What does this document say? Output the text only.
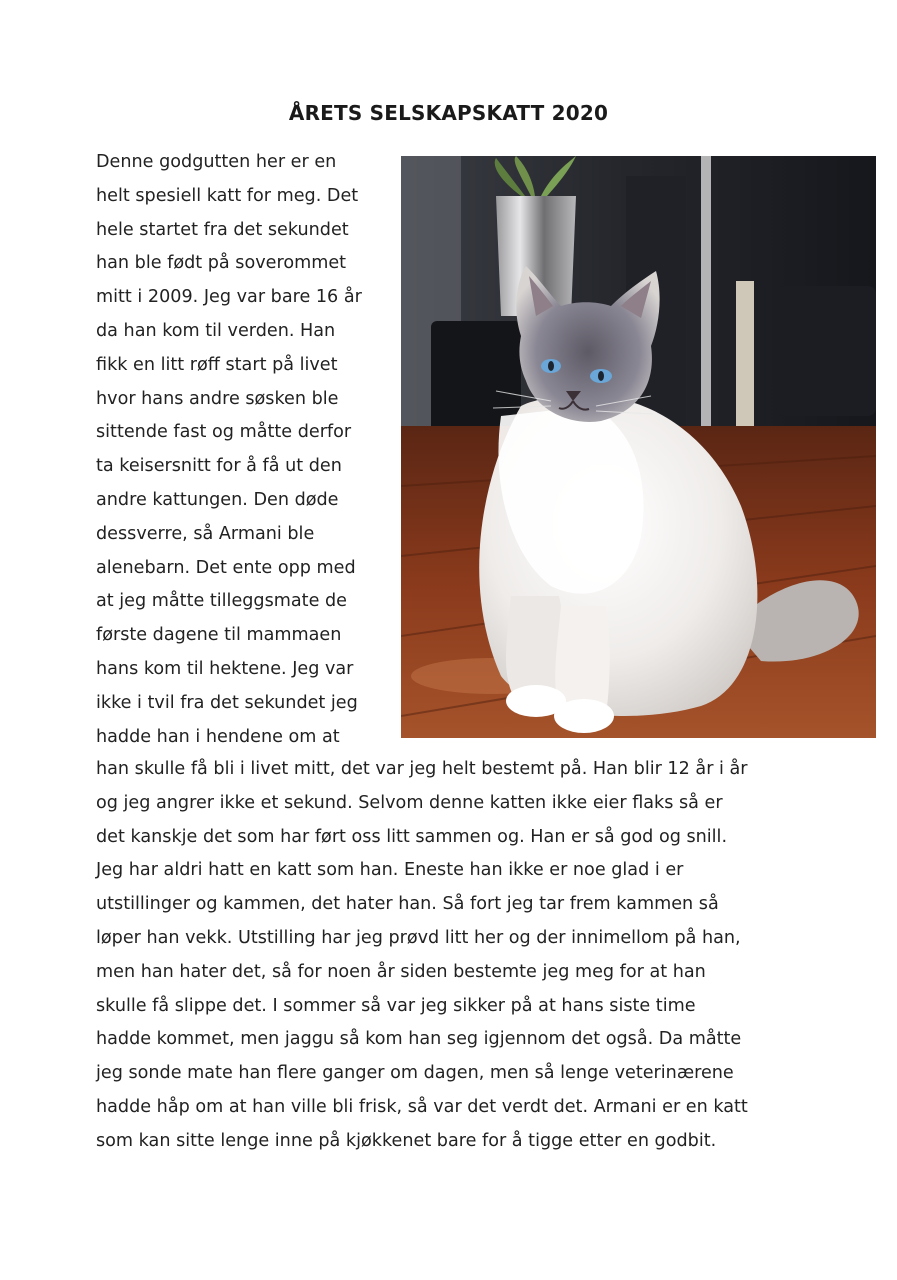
ÅRETS SELSKAPSKATT 2020
Denne godgutten her er en
helt spesiell katt for meg. Det
hele startet fra det sekundet
han ble født på soverommet
mitt i 2009. Jeg var bare 16 år
da han kom til verden. Han
fikk en litt røff start på livet
hvor hans andre søsken ble
sittende fast og måtte derfor
ta keisersnitt for å få ut den
andre kattungen. Den døde
dessverre, så Armani ble
alenebarn. Det ente opp med
at jeg måtte tilleggsmate de
første dagene til mammaen
hans kom til hektene. Jeg var
ikke i tvil fra det sekundet jeg
hadde han i hendene om at
han skulle få bli i livet mitt, det var jeg helt bestemt på. Han blir 12 år i år
og jeg angrer ikke et sekund. Selvom denne katten ikke eier flaks så er
det kanskje det som har ført oss litt sammen og. Han er så god og snill.
Jeg har aldri hatt en katt som han. Eneste han ikke er noe glad i er
utstillinger og kammen, det hater han. Så fort jeg tar frem kammen så
løper han vekk. Utstilling har jeg prøvd litt her og der innimellom på han,
men han hater det, så for noen år siden bestemte jeg meg for at han
skulle få slippe det. I sommer så var jeg sikker på at hans siste time
hadde kommet, men jaggu så kom han seg igjennom det også. Da måtte
jeg sonde mate han flere ganger om dagen, men så lenge veterinærene
hadde håp om at han ville bli frisk, så var det verdt det. Armani er en katt
som kan sitte lenge inne på kjøkkenet bare for å tigge etter en godbit.
